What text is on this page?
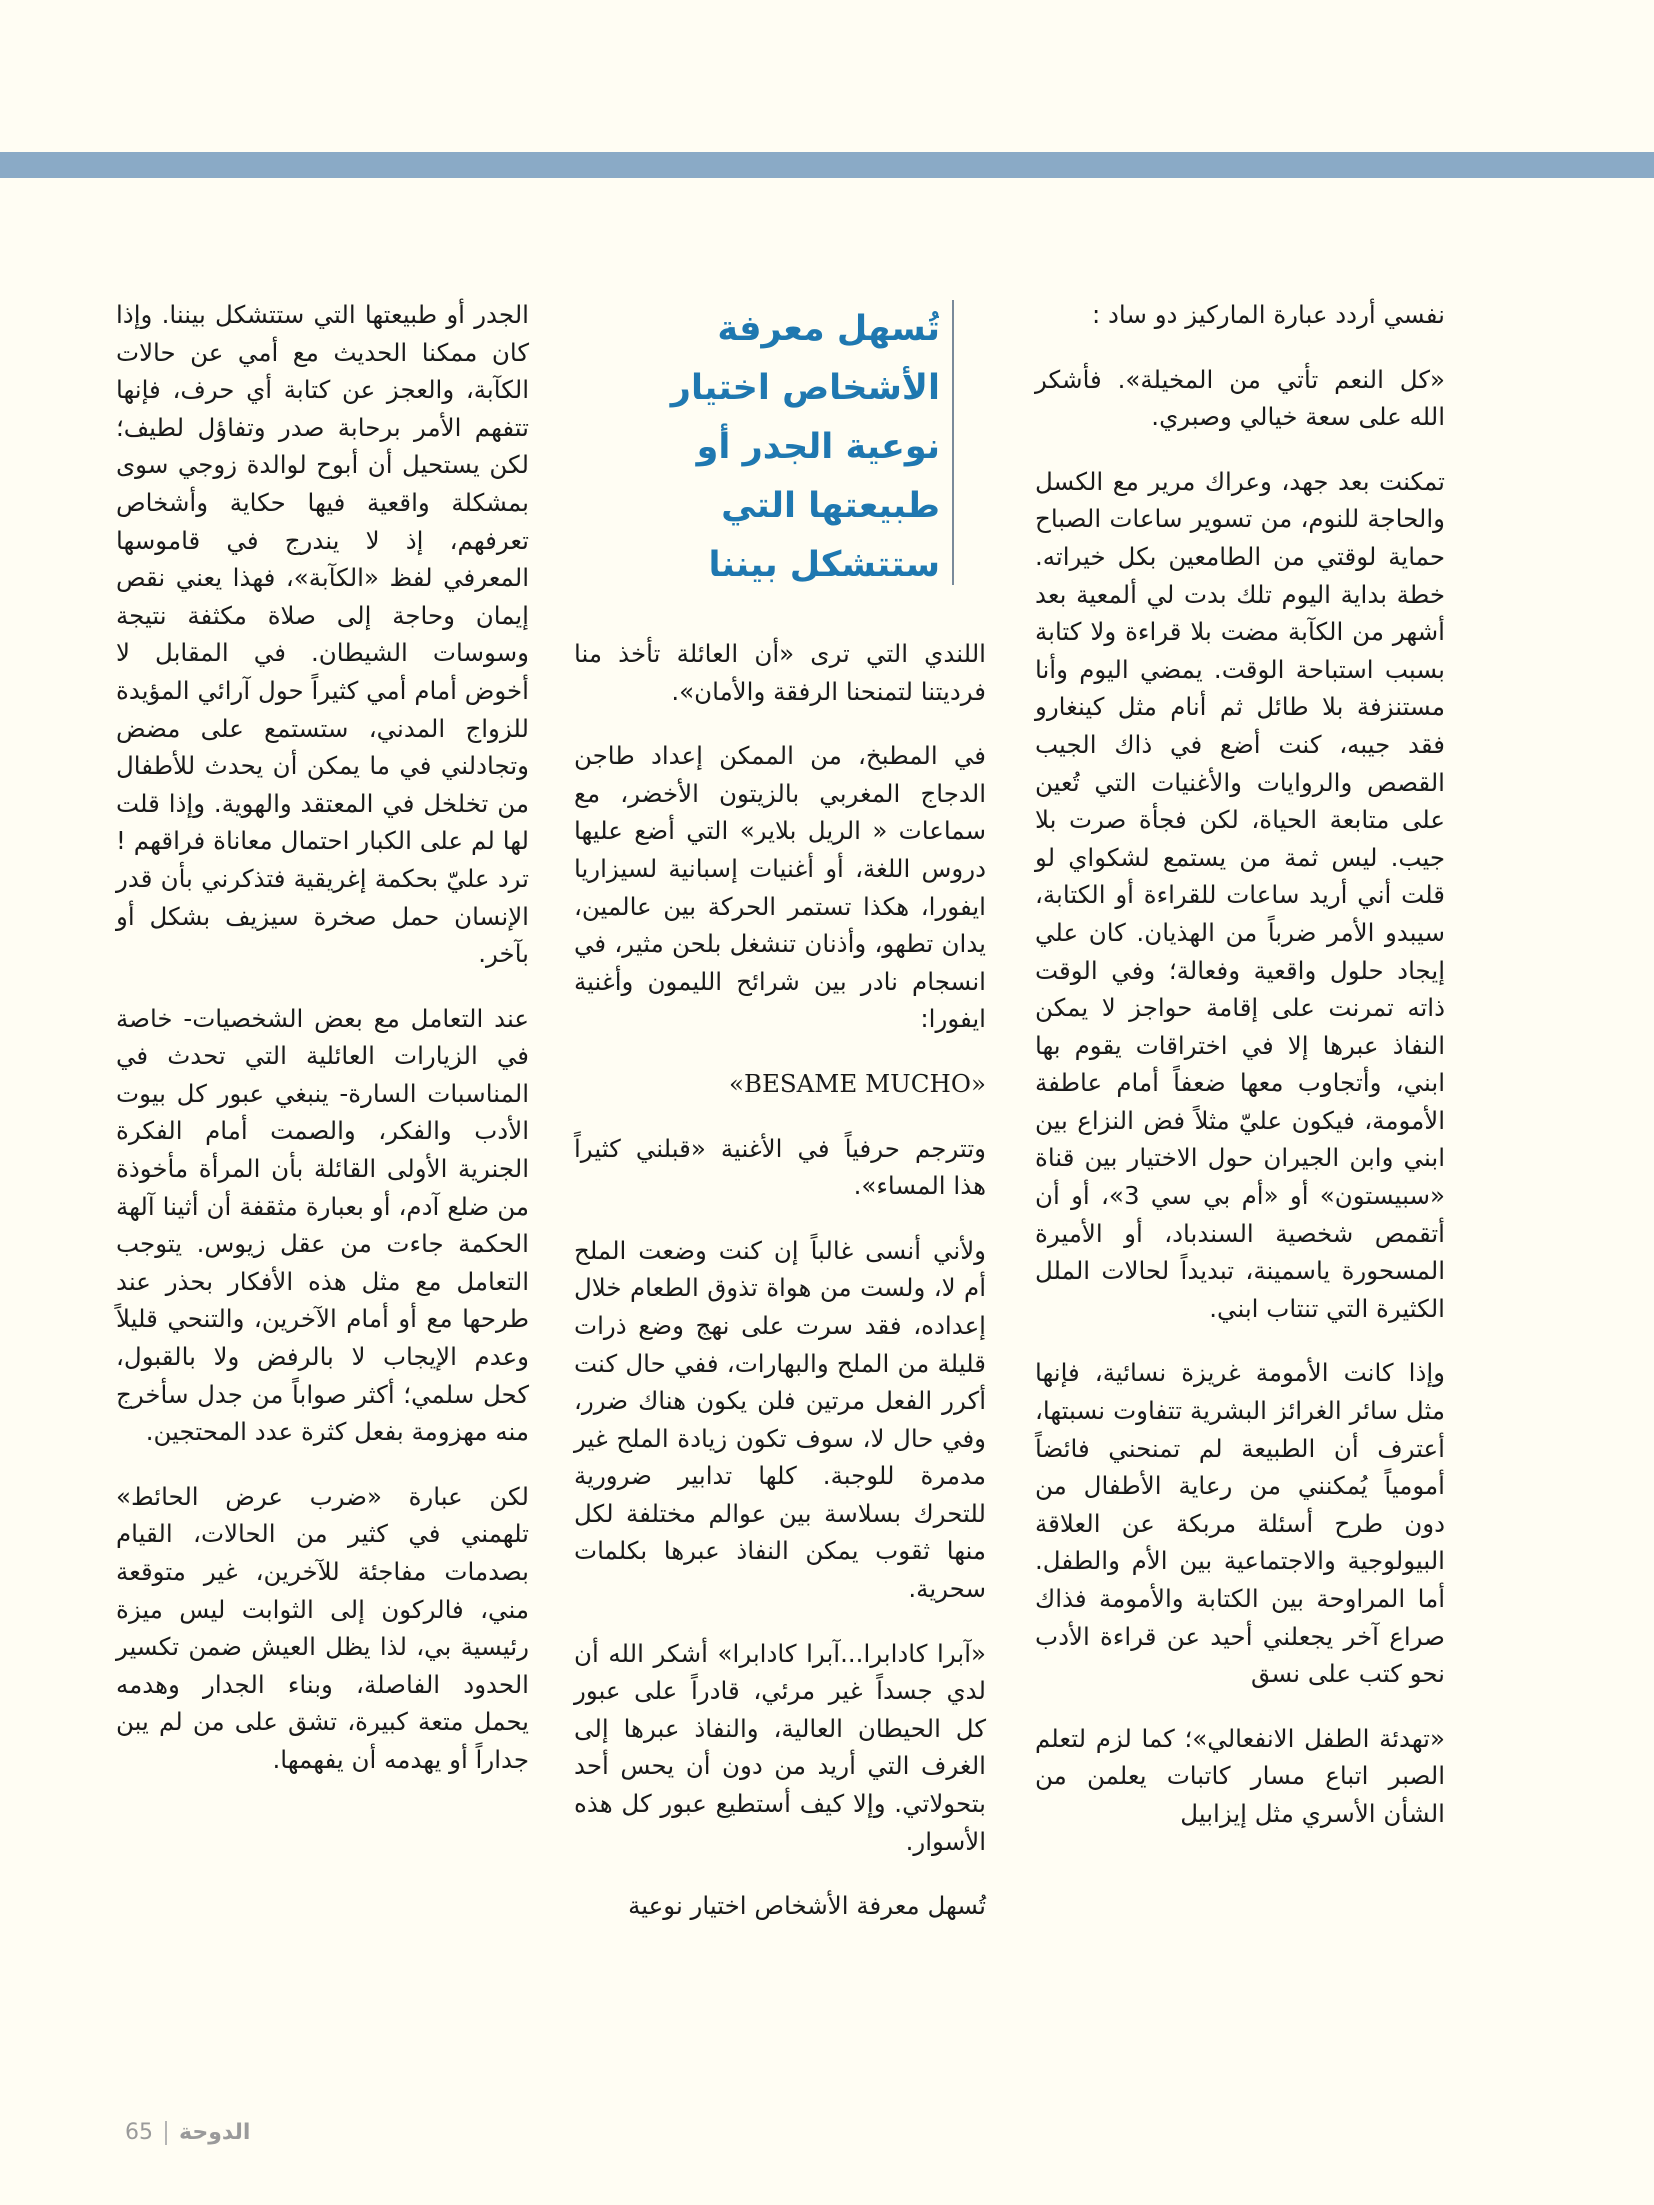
نفسي أردد عبارة الماركيز دو ساد :

«كل النعم تأتي من المخيلة». فأشكر الله على سعة خيالي وصبري.

تمكنت بعد جهد، وعراك مرير مع الكسل والحاجة للنوم، من تسوير ساعات الصباح حماية لوقتي من الطامعين بكل خيراته. خطة بداية اليوم تلك بدت لي ألمعية بعد أشهر من الكآبة مضت بلا قراءة ولا كتابة بسبب استباحة الوقت. يمضي اليوم وأنا مستنزفة بلا طائل ثم أنام مثل كينغارو فقد جيبه، كنت أضع في ذاك الجيب القصص والروايات والأغنيات التي تُعين على متابعة الحياة، لكن فجأة صرت بلا جيب. ليس ثمة من يستمع لشكواي لو قلت أني أريد ساعات للقراءة أو الكتابة، سيبدو الأمر ضرباً من الهذيان. كان علي إيجاد حلول واقعية وفعالة؛ وفي الوقت ذاته تمرنت على إقامة حواجز لا يمكن النفاذ عبرها إلا في اختراقات يقوم بها ابني، وأتجاوب معها ضعفاً أمام عاطفة الأمومة، فيكون عليّ مثلاً فض النزاع بين ابني وابن الجيران حول الاختيار بين قناة «سبيستون» أو «أم بي سي 3»، أو أن أتقمص شخصية السندباد، أو الأميرة المسحورة ياسمينة، تبديداً لحالات الملل الكثيرة التي تنتاب ابني.

وإذا كانت الأمومة غريزة نسائية، فإنها مثل سائر الغرائز البشرية تتفاوت نسبتها، أعترف أن الطبيعة لم تمنحني فائضاً أمومياً يُمكنني من رعاية الأطفال من دون طرح أسئلة مربكة عن العلاقة البيولوجية والاجتماعية بين الأم والطفل. أما المراوحة بين الكتابة والأمومة فذاك صراع آخر يجعلني أحيد عن قراءة الأدب نحو كتب على نسق

«تهدئة الطفل الانفعالي»؛ كما لزم لتعلم الصبر اتباع مسار كاتبات يعلمن من الشأن الأسري مثل إيزابيل

تُسهل معرفة الأشخاص اختيار نوعية الجدر أو طبيعتها التي ستتشكل بيننا

اللندي التي ترى «أن العائلة تأخذ منا فرديتنا لتمنحنا الرفقة والأمان».

في المطبخ، من الممكن إعداد طاجن الدجاج المغربي بالزيتون الأخضر، مع سماعات « الريل بلاير» التي أضع عليها دروس اللغة، أو أغنيات إسبانية لسيزاريا ايفورا، هكذا تستمر الحركة بين عالمين، يدان تطهو، وأذنان تنشغل بلحن مثير، في انسجام نادر بين شرائح الليمون وأغنية ايفورا:

«BESAME MUCHO»

وتترجم حرفياً في الأغنية «قبلني كثيراً هذا المساء».

ولأني أنسى غالباً إن كنت وضعت الملح أم لا، ولست من هواة تذوق الطعام خلال إعداده، فقد سرت على نهج وضع ذرات قليلة من الملح والبهارات، ففي حال كنت أكرر الفعل مرتين فلن يكون هناك ضرر، وفي حال لا، سوف تكون زيادة الملح غير مدمرة للوجبة. كلها تدابير ضرورية للتحرك بسلاسة بين عوالم مختلفة لكل منها ثقوب يمكن النفاذ عبرها بكلمات سحرية.

«آبرا كادابرا...آبرا كادابرا» أشكر الله أن لدي جسداً غير مرئي، قادراً على عبور كل الحيطان العالية، والنفاذ عبرها إلى الغرف التي أريد من دون أن يحس أحد بتحولاتي. وإلا كيف أستطيع عبور كل هذه الأسوار.

تُسهل معرفة الأشخاص اختيار نوعية

الجدر أو طبيعتها التي ستتشكل بيننا. وإذا كان ممكنا الحديث مع أمي عن حالات الكآبة، والعجز عن كتابة أي حرف، فإنها تتفهم الأمر برحابة صدر وتفاؤل لطيف؛ لكن يستحيل أن أبوح لوالدة زوجي سوى بمشكلة واقعية فيها حكاية وأشخاص تعرفهم، إذ لا يندرج في قاموسها المعرفي لفظ «الكآبة»، فهذا يعني نقص إيمان وحاجة إلى صلاة مكثفة نتيجة وسوسات الشيطان. في المقابل لا أخوض أمام أمي كثيراً حول آرائي المؤيدة للزواج المدني، ستستمع على مضض وتجادلني في ما يمكن أن يحدث للأطفال من تخلخل في المعتقد والهوية. وإذا قلت لها لم على الكبار احتمال معاناة فراقهم ! ترد عليّ بحكمة إغريقية فتذكرني بأن قدر الإنسان حمل صخرة سيزيف بشكل أو بآخر.

عند التعامل مع بعض الشخصيات- خاصة في الزيارات العائلية التي تحدث في المناسبات السارة- ينبغي عبور كل بيوت الأدب والفكر، والصمت أمام الفكرة الجنرية الأولى القائلة بأن المرأة مأخوذة من ضلع آدم، أو بعبارة مثقفة أن أثينا آلهة الحكمة جاءت من عقل زيوس. يتوجب التعامل مع مثل هذه الأفكار بحذر عند طرحها مع أو أمام الآخرين، والتنحي قليلاً وعدم الإيجاب لا بالرفض ولا بالقبول، كحل سلمي؛ أكثر صواباً من جدل سأخرج منه مهزومة بفعل كثرة عدد المحتجين.

لكن عبارة «ضرب عرض الحائط» تلهمني في كثير من الحالات، القيام بصدمات مفاجئة للآخرين، غير متوقعة مني، فالركون إلى الثوابت ليس ميزة رئيسية بي، لذا يظل العيش ضمن تكسير الحدود الفاصلة، وبناء الجدار وهدمه يحمل متعة كبيرة، تشق على من لم يبن جداراً أو يهدمه أن يفهمها.

65 الدوحة
